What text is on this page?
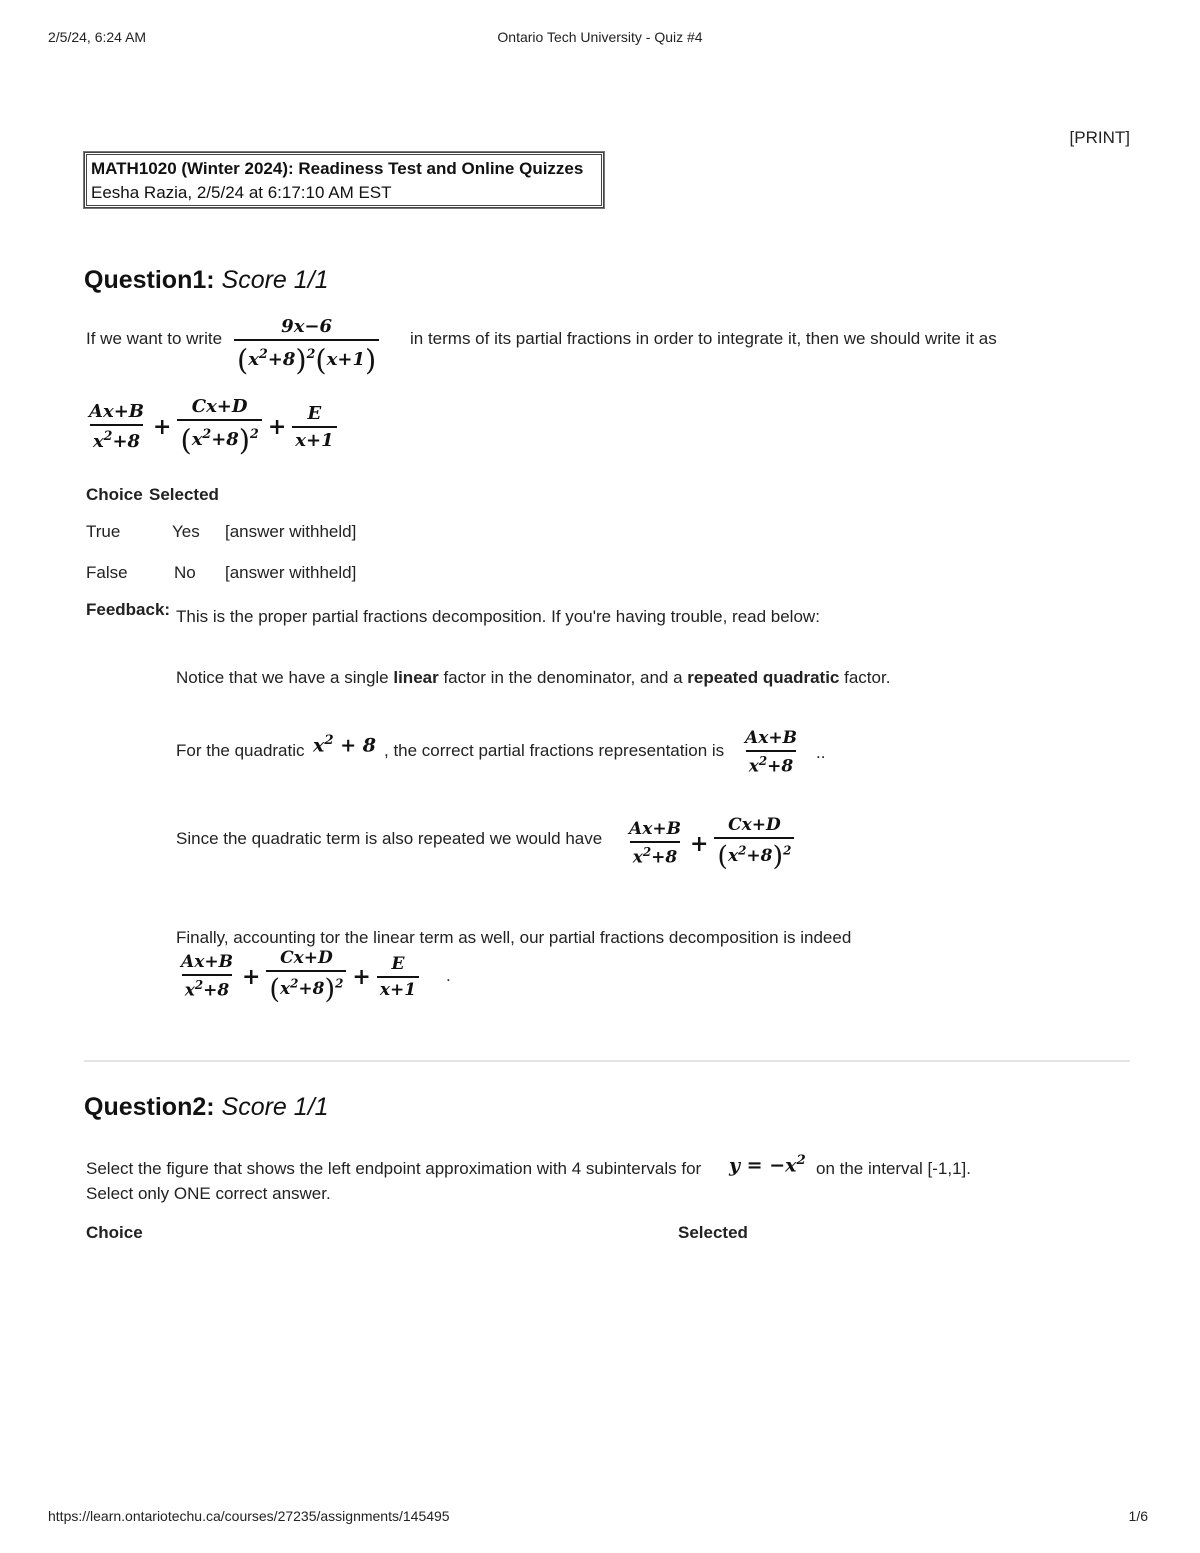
2/5/24, 6:24 AM	Ontario Tech University - Quiz #4
https://learn.ontariotechu.ca/courses/27235/assignments/145495	1/6
[PRINT]
MATH1020 (Winter 2024): Readiness Test and Online Quizzes
Eesha Razia, 2/5/24 at 6:17:10 AM EST
Question1: Score 1/1
If we want to write $\frac{9x-6}{(x^2+8)^2(x+1)}$ in terms of its partial fractions in order to integrate it, then we should write it as
$\frac{Ax+B}{x^2+8} + \frac{Cx+D}{(x^2+8)^2} + \frac{E}{x+1}$
Choice Selected
True	Yes [answer withheld]
False	No [answer withheld]
Feedback: This is the proper partial fractions decomposition. If you're having trouble, read below:
Notice that we have a single linear factor in the denominator, and a repeated quadratic factor.
For the quadratic $x^2 + 8$ , the correct partial fractions representation is $\frac{Ax+B}{x^2+8}$ ..
Since the quadratic term is also repeated we would have $\frac{Ax+B}{x^2+8} + \frac{Cx+D}{(x^2+8)^2}$
Finally, accounting tor the linear term as well, our partial fractions decomposition is indeed
$\frac{Ax+B}{x^2+8} + \frac{Cx+D}{(x^2+8)^2} + \frac{E}{x+1}$ .
Question2: Score 1/1
Select the figure that shows the left endpoint approximation with 4 subintervals for $y = -x^2$ on the interval [-1,1].
Select only ONE correct answer.
Choice	Selected
